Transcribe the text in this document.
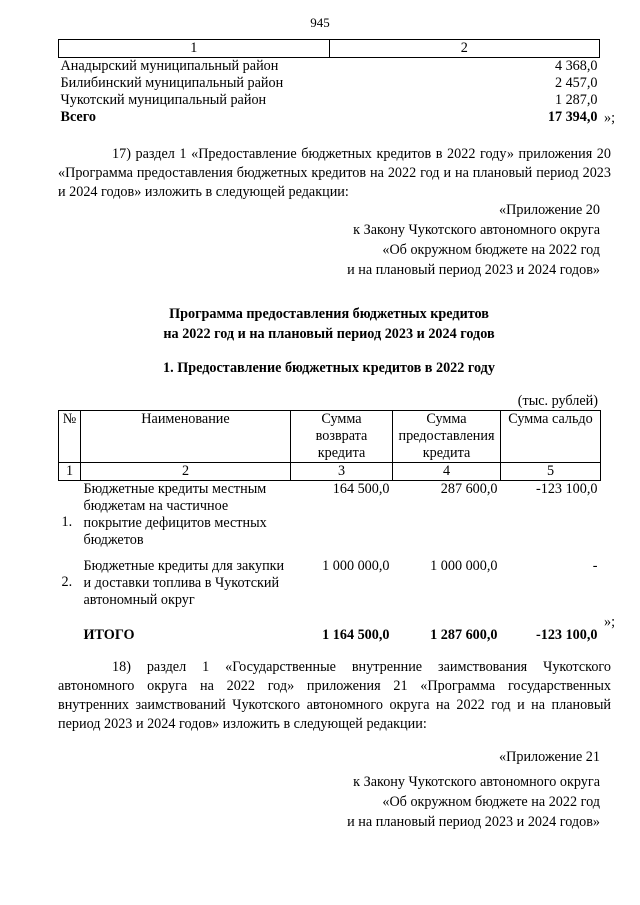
945
1	2
Анадырский муниципальный район	4 368,0
Билибинский муниципальный район	2 457,0
Чукотский муниципальный район	1 287,0
Всего	17 394,0 »;
17) раздел 1 «Предоставление бюджетных кредитов в 2022 году» приложения 20 «Программа предоставления бюджетных кредитов на 2022 год и на плановый период 2023 и 2024 годов» изложить в следующей редакции:
«Приложение 20
к Закону Чукотского автономного округа
«Об окружном бюджете на 2022 год
и на плановый период 2023 и 2024 годов»
Программа предоставления бюджетных кредитов
на 2022 год и на плановый период 2023 и 2024 годов
1. Предоставление бюджетных кредитов в 2022 году
(тыс. рублей)
№	Наименование	Сумма возврата кредита	Сумма предоставления кредита	Сумма сальдо
1	2	3	4	5
1.	Бюджетные кредиты местным бюджетам на частичное покрытие дефицитов местных бюджетов	164 500,0	287 600,0	-123 100,0
2.	Бюджетные кредиты для закупки и доставки топлива в Чукотский автономный округ	1 000 000,0	1 000 000,0	-
	ИТОГО	1 164 500,0	1 287 600,0	-123 100,0
»;
18) раздел 1 «Государственные внутренние заимствования Чукотского автономного округа на 2022 год» приложения 21 «Программа государственных внутренних заимствований Чукотского автономного округа на 2022 год и на плановый период 2023 и 2024 годов» изложить в следующей редакции:
«Приложение 21
к Закону Чукотского автономного округа
«Об окружном бюджете на 2022 год
и на плановый период 2023 и 2024 годов»
